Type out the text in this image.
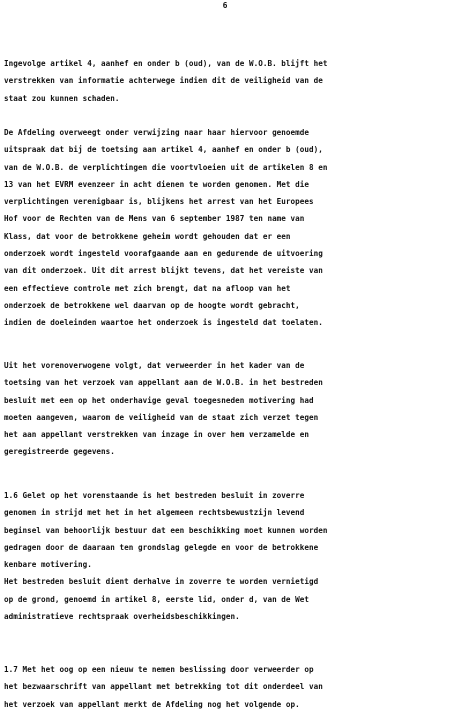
6
Ingevolge artikel 4, aanhef en onder b (oud), van de W.O.B. blijft het
verstrekken van informatie achterwege indien dit de veiligheid van de
staat zou kunnen schaden.
De Afdeling overweegt onder verwijzing naar haar hiervoor genoemde
uitspraak dat bij de toetsing aan artikel 4, aanhef en onder b (oud),
van de W.O.B. de verplichtingen die voortvloeien uit de artikelen 8 en
13 van het EVRM evenzeer in acht dienen te worden genomen. Met die
verplichtingen verenigbaar is, blijkens het arrest van het Europees
Hof voor de Rechten van de Mens van 6 september 1987 ten name van
Klass, dat voor de betrokkene geheim wordt gehouden dat er een
onderzoek wordt ingesteld voorafgaande aan en gedurende de uitvoering
van dit onderzoek. Uit dit arrest blijkt tevens, dat het vereiste van
een effectieve controle met zich brengt, dat na afloop van het
onderzoek de betrokkene wel daarvan op de hoogte wordt gebracht,
indien de doeleinden waartoe het onderzoek is ingesteld dat toelaten.
Uit het vorenoverwogene volgt, dat verweerder in het kader van de
toetsing van het verzoek van appellant aan de W.O.B. in het bestreden
besluit met een op het onderhavige geval toegesneden motivering had
moeten aangeven, waarom de veiligheid van de staat zich verzet tegen
het aan appellant verstrekken van inzage in over hem verzamelde en
geregistreerde gegevens.
1.6 Gelet op het vorenstaande is het bestreden besluit in zoverre
genomen in strijd met het in het algemeen rechtsbewustzijn levend
beginsel van behoorlijk bestuur dat een beschikking moet kunnen worden
gedragen door de daaraan ten grondslag gelegde en voor de betrokkene
kenbare motivering.
Het bestreden besluit dient derhalve in zoverre te worden vernietigd
op de grond, genoemd in artikel 8, eerste lid, onder d, van de Wet
administratieve rechtspraak overheidsbeschikkingen.
1.7 Met het oog op een nieuw te nemen beslissing door verweerder op
het bezwaarschrift van appellant met betrekking tot dit onderdeel van
het verzoek van appellant merkt de Afdeling nog het volgende op.
